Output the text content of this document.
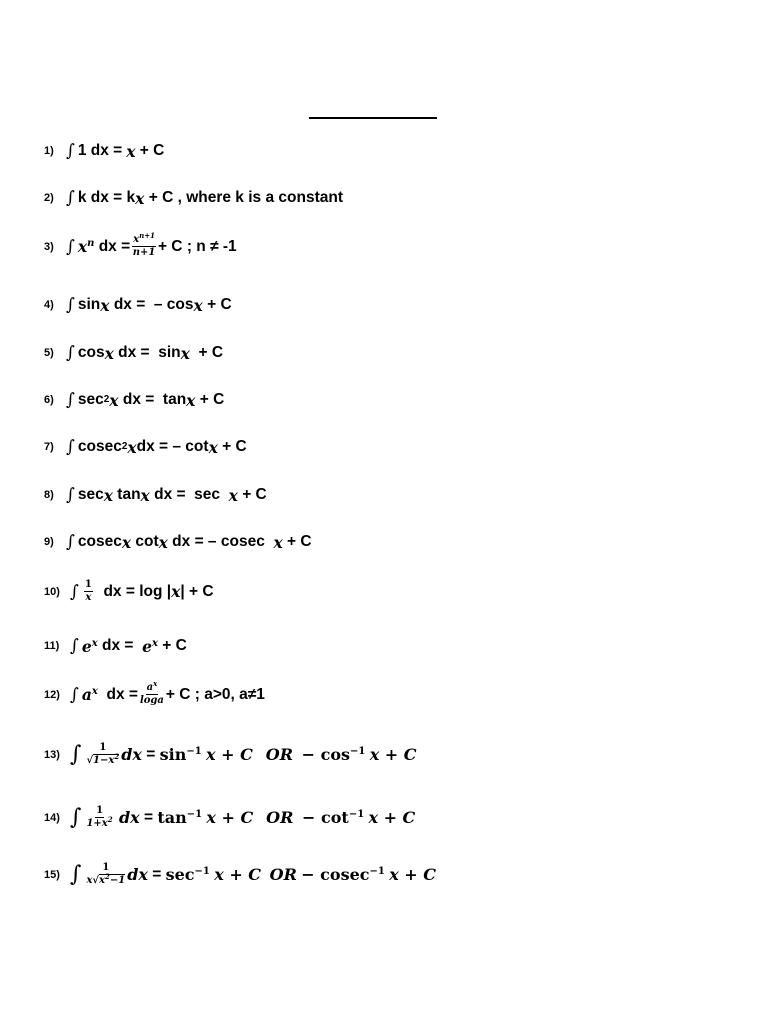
1) ∫ 1 dx = x + C
2) ∫ k dx = k x + C , where k is a constant
3) ∫ $x^n$ dx = $\frac{x^{n+1}}{n+1} + C$ ; n ≠ -1
4) ∫ sin x dx =  – cos x + C
5) ∫ cos x dx =  sin x + C
6) ∫ sec 2 x dx =  tan x + C
7) ∫ cosec 2 x dx = – cot x + C
8) ∫ sec x tan x dx =  sec x + C
9) ∫ cosec x cot x dx = – cosec x + C
10) ∫ $\frac{1}{x}$ dx = log | x | + C
11) ∫ $e^x$ dx = $e^x + C$
12) ∫ $a^x$ dx = $\frac{a^x}{\log a} + C$ ; a>0, a≠1
13) ∫ $\frac{1}{√1-x^2}$ dx = $\sin^{-1}$
x + C
OR
− $\cos^{-1}$
x + C
14) ∫ $\frac{1}{1+x^2}$
dx = $\tan^{-1}$
x + C
OR
− $\cot^{-1}$
x + C
15) ∫ $\frac{1}{x√x^2-1}$ dx = $\sec^{-1}$
x + C
OR
− cosec$^{-1}$
x + C
